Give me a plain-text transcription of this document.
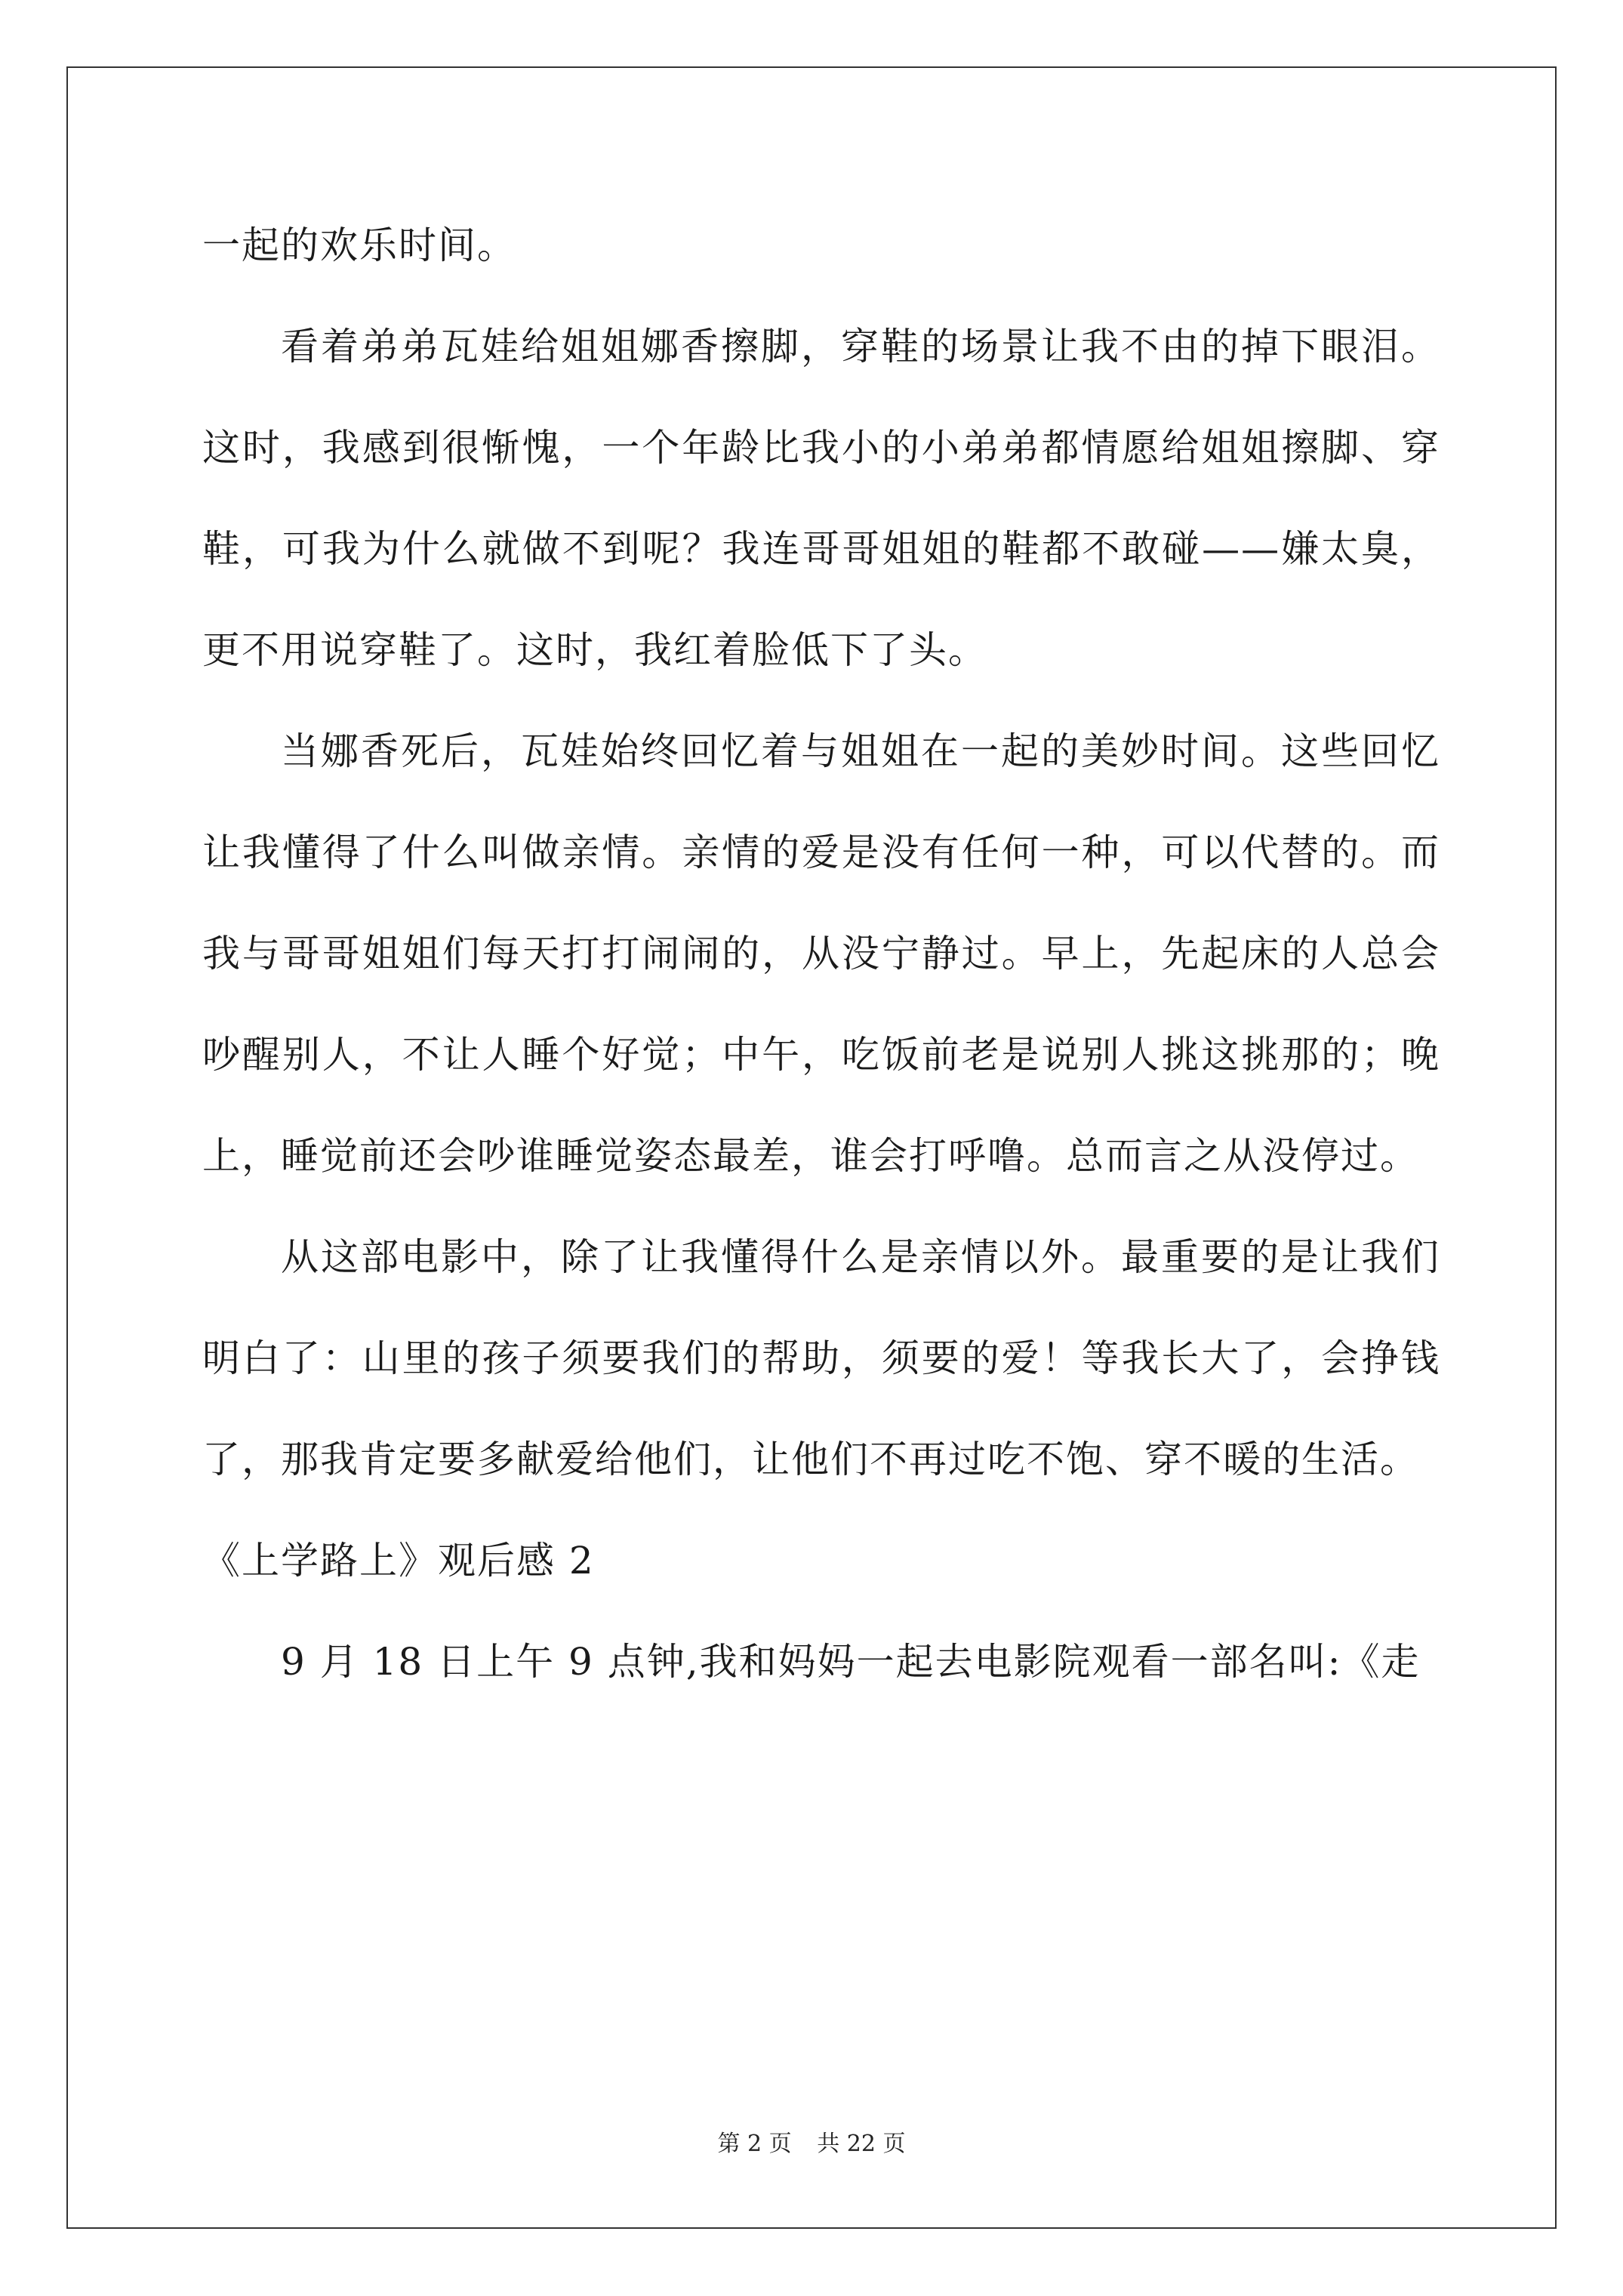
一起的欢乐时间。

看着弟弟瓦娃给姐姐娜香擦脚，穿鞋的场景让我不由的掉下眼泪。这时，我感到很惭愧，一个年龄比我小的小弟弟都情愿给姐姐擦脚、穿鞋，可我为什么就做不到呢？我连哥哥姐姐的鞋都不敢碰——嫌太臭，更不用说穿鞋了。这时，我红着脸低下了头。

当娜香死后，瓦娃始终回忆着与姐姐在一起的美妙时间。这些回忆让我懂得了什么叫做亲情。亲情的爱是没有任何一种，可以代替的。而我与哥哥姐姐们每天打打闹闹的，从没宁静过。早上，先起床的人总会吵醒别人，不让人睡个好觉；中午，吃饭前老是说别人挑这挑那的；晚上，睡觉前还会吵谁睡觉姿态最差，谁会打呼噜。总而言之从没停过。

从这部电影中，除了让我懂得什么是亲情以外。最重要的是让我们明白了：山里的孩子须要我们的帮助，须要的爱！等我长大了，会挣钱了，那我肯定要多献爱给他们，让他们不再过吃不饱、穿不暖的生活。

《上学路上》观后感 2

9 月 18 日上午 9 点钟,我和妈妈一起去电影院观看一部名叫:《走

第 2 页 共 22 页
